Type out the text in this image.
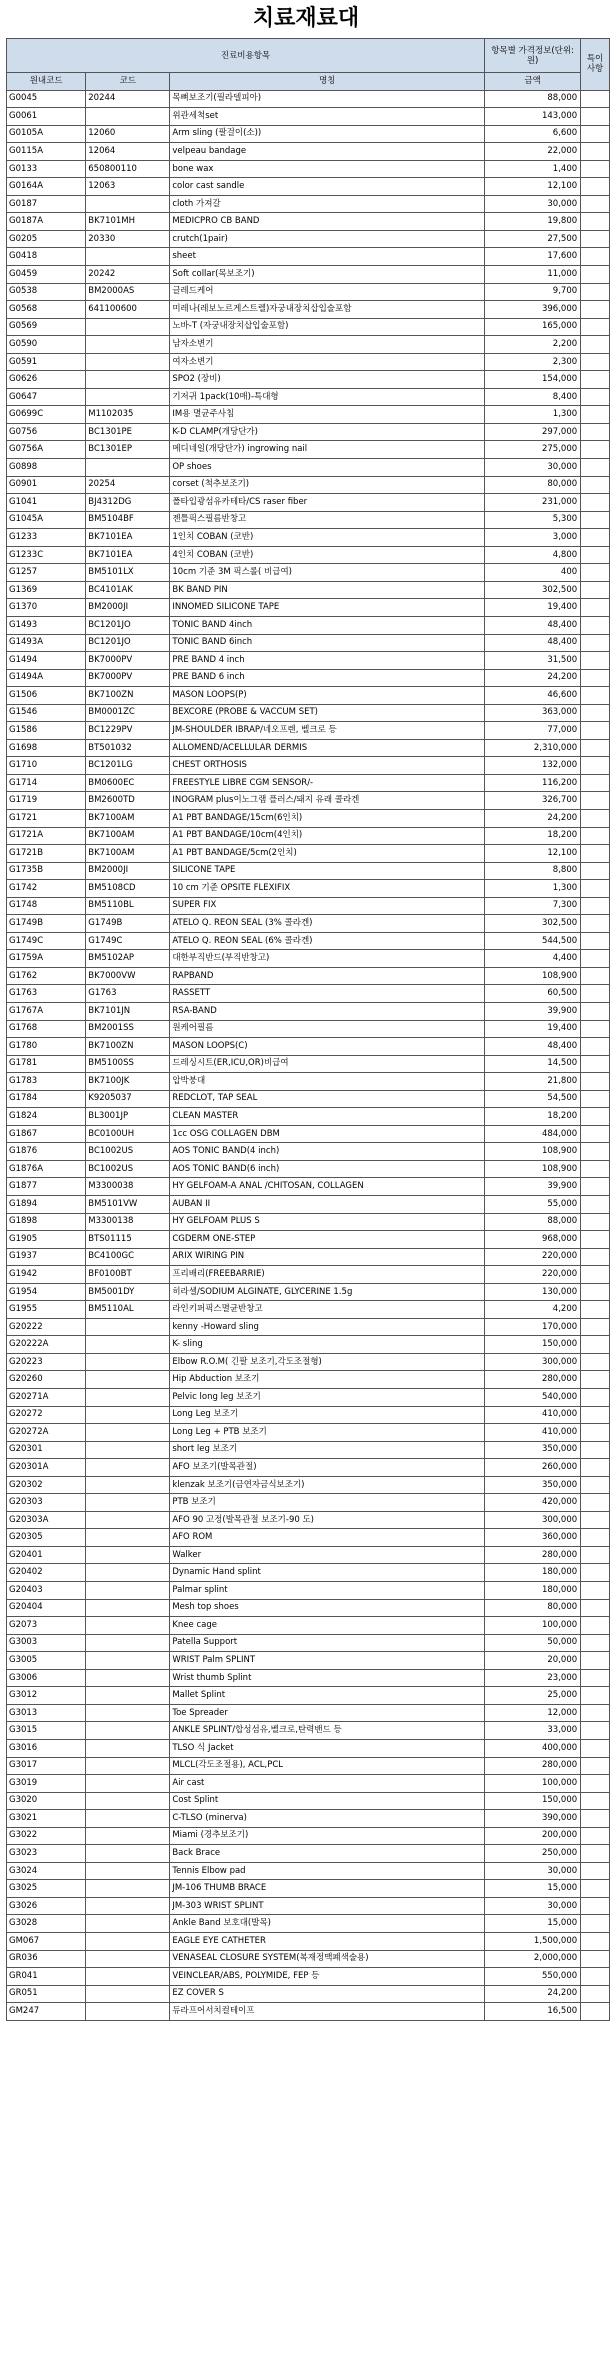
치료재료대
진료비용항목			항목별 가격정보(단위:원)	특이사항
원내코드	코드	명칭	금액	
G0045	20244	목뼈보조기(필라델피아)	88,000	
G0061		위관세척set	143,000	
G0105A	12060	Arm sling (팔걸이(소))	6,600	
G0115A	12064	velpeau bandage	22,000	
G0133	650800110	bone wax	1,400	
G0164A	12063	color cast sandle	12,100	
G0187		cloth 가져갈	30,000	
G0187A	BK7101MH	MEDICPRO CB BAND	19,800	
G0205	20330	crutch(1pair)	27,500	
G0418		sheet	17,600	
G0459	20242	Soft collar(목보조기)	11,000	
G0538	BM2000AS	글레드케어	9,700	
G0568	641100600	미레나(레보노르게스트렐)자궁내장치삽입술포함	396,000	
G0569		노바-T (자궁내장치삽입술포함)	165,000	
G0590		남자소변기	2,200	
G0591		여자소변기	2,300	
G0626		SPO2 (장비)	154,000	
G0647		기저귀 1pack(10매)-특대형	8,400	
G0699C	M1102035	IM용 멸균주사침	1,300	
G0756	BC1301PE	K-D CLAMP(개당단가)	297,000	
G0756A	BC1301EP	메디네일(개당단가) ingrowing nail	275,000	
G0898		OP shoes	30,000	
G0901	20254	corset (척추보조기)	80,000	
G1041	BJ4312DG	폴타입광섬유카테타/CS raser fiber	231,000	
G1045A	BM5104BF	젠틀픽스필름반창고	5,300	
G1233	BK7101EA	1인치 COBAN (코반)	3,000	
G1233C	BK7101EA	4인치 COBAN (코반)	4,800	
G1257	BM5101LX	10cm 기준 3M 픽스롤( 비급여)	400	
G1369	BC4101AK	BK BAND PIN	302,500	
G1370	BM2000JI	INNOMED SILICONE TAPE	19,400	
G1493	BC1201JO	TONIC BAND 4inch	48,400	
G1493A	BC1201JO	TONIC BAND 6inch	48,400	
G1494	BK7000PV	PRE BAND 4 inch	31,500	
G1494A	BK7000PV	PRE BAND 6 inch	24,200	
G1506	BK7100ZN	MASON LOOPS(P)	46,600	
G1546	BM0001ZC	BEXCORE (PROBE & VACCUM SET)	363,000	
G1586	BC1229PV	JM-SHOULDER IBRAP/네오프렌, 벨크로 등	77,000	
G1698	BT501032	ALLOMEND/ACELLULAR DERMIS	2,310,000	
G1710	BC1201LG	CHEST ORTHOSIS	132,000	
G1714	BM0600EC	FREESTYLE LIBRE CGM SENSOR/-	116,200	
G1719	BM2600TD	INOGRAM plus이노그램 플러스/돼지 유래 콜라겐	326,700	
G1721	BK7100AM	A1 PBT BANDAGE/15cm(6인치)	24,200	
G1721A	BK7100AM	A1 PBT BANDAGE/10cm(4인치)	18,200	
G1721B	BK7100AM	A1 PBT BANDAGE/5cm(2인치)	12,100	
G1735B	BM2000JI	SILICONE TAPE	8,800	
G1742	BM5108CD	10 cm 기준 OPSITE FLEXIFIX	1,300	
G1748	BM5110BL	SUPER FIX	7,300	
G1749B	G1749B	ATELO Q. REON SEAL (3% 콜라겐)	302,500	
G1749C	G1749C	ATELO Q. REON SEAL (6% 콜라겐)	544,500	
G1759A	BM5102AP	대한부직반드(부직반창고)	4,400	
G1762	BK7000VW	RAPBAND	108,900	
G1763	G1763	RASSETT	60,500	
G1767A	BK7101JN	RSA-BAND	39,900	
G1768	BM2001SS	원케어필름	19,400	
G1780	BK7100ZN	MASON LOOPS(C)	48,400	
G1781	BM5100SS	드레싱시트(ER,ICU,OR)비급여	14,500	
G1783	BK7100JK	압박붕대	21,800	
G1784	K9205037	REDCLOT, TAP SEAL	54,500	
G1824	BL3001JP	CLEAN MASTER	18,200	
G1867	BC0100UH	1cc OSG COLLAGEN DBM	484,000	
G1876	BC1002US	AOS TONIC BAND(4 inch)	108,900	
G1876A	BC1002US	AOS TONIC BAND(6 inch)	108,900	
G1877	M3300038	HY GELFOAM-A ANAL /CHITOSAN, COLLAGEN	39,900	
G1894	BM5101VW	AUBAN II	55,000	
G1898	M3300138	HY GELFOAM PLUS S	88,000	
G1905	BTS01115	CGDERM ONE-STEP	968,000	
G1937	BC4100GC	ARIX WIRING PIN	220,000	
G1942	BF0100BT	프리배리(FREEBARRIE)	220,000	
G1954	BM5001DY	히라셀/SODIUM ALGINATE, GLYCERINE 1.5g	130,000	
G1955	BM5110AL	라인키퍼픽스멸균반창고	4,200	
G20222		kenny -Howard sling	170,000	
G20222A		K- sling	150,000	
G20223		Elbow R.O.M( 긴팔 보조기,각도조절형)	300,000	
G20260		Hip Abduction 보조기	280,000	
G20271A		Pelvic long leg 보조기	540,000	
G20272		Long Leg 보조기	410,000	
G20272A		Long Leg + PTB 보조기	410,000	
G20301		short leg 보조기	350,000	
G20301A		AFO 보조기(발목관절)	260,000	
G20302		klenzak 보조기(금연자금식보조기)	350,000	
G20303		PTB 보조기	420,000	
G20303A		AFO 90 고정(발목관절 보조기-90 도)	300,000	
G20305		AFO ROM	360,000	
G20401		Walker	280,000	
G20402		Dynamic Hand splint	180,000	
G20403		Palmar splint	180,000	
G20404		Mesh top shoes	80,000	
G2073		Knee cage	100,000	
G3003		Patella Support	50,000	
G3005		WRIST Palm SPLINT	20,000	
G3006		Wrist thumb Splint	23,000	
G3012		Mallet Splint	25,000	
G3013		Toe Spreader	12,000	
G3015		ANKLE SPLINT/합성섬유,벨크로,탄력밴드 등	33,000	
G3016		TLSO 식 Jacket	400,000	
G3017		MLCL(각도조절용), ACL,PCL	280,000	
G3019		Air cast	100,000	
G3020		Cost Splint	150,000	
G3021		C-TLSO (minerva)	390,000	
G3022		Miami (경추보조기)	200,000	
G3023		Back Brace	250,000	
G3024		Tennis Elbow pad	30,000	
G3025		JM-106 THUMB BRACE	15,000	
G3026		JM-303 WRIST SPLINT	30,000	
G3028		Ankle Band 보호대(발목)	15,000	
GM067		EAGLE EYE CATHETER	1,500,000	
GR036		VENASEAL CLOSURE SYSTEM(복재정맥폐색술용)	2,000,000	
GR041		VEINCLEAR/ABS, POLYMIDE, FEP 등	550,000	
GR051		EZ COVER S	24,200	
GM247		듀라프어서치컬테이프	16,500	
